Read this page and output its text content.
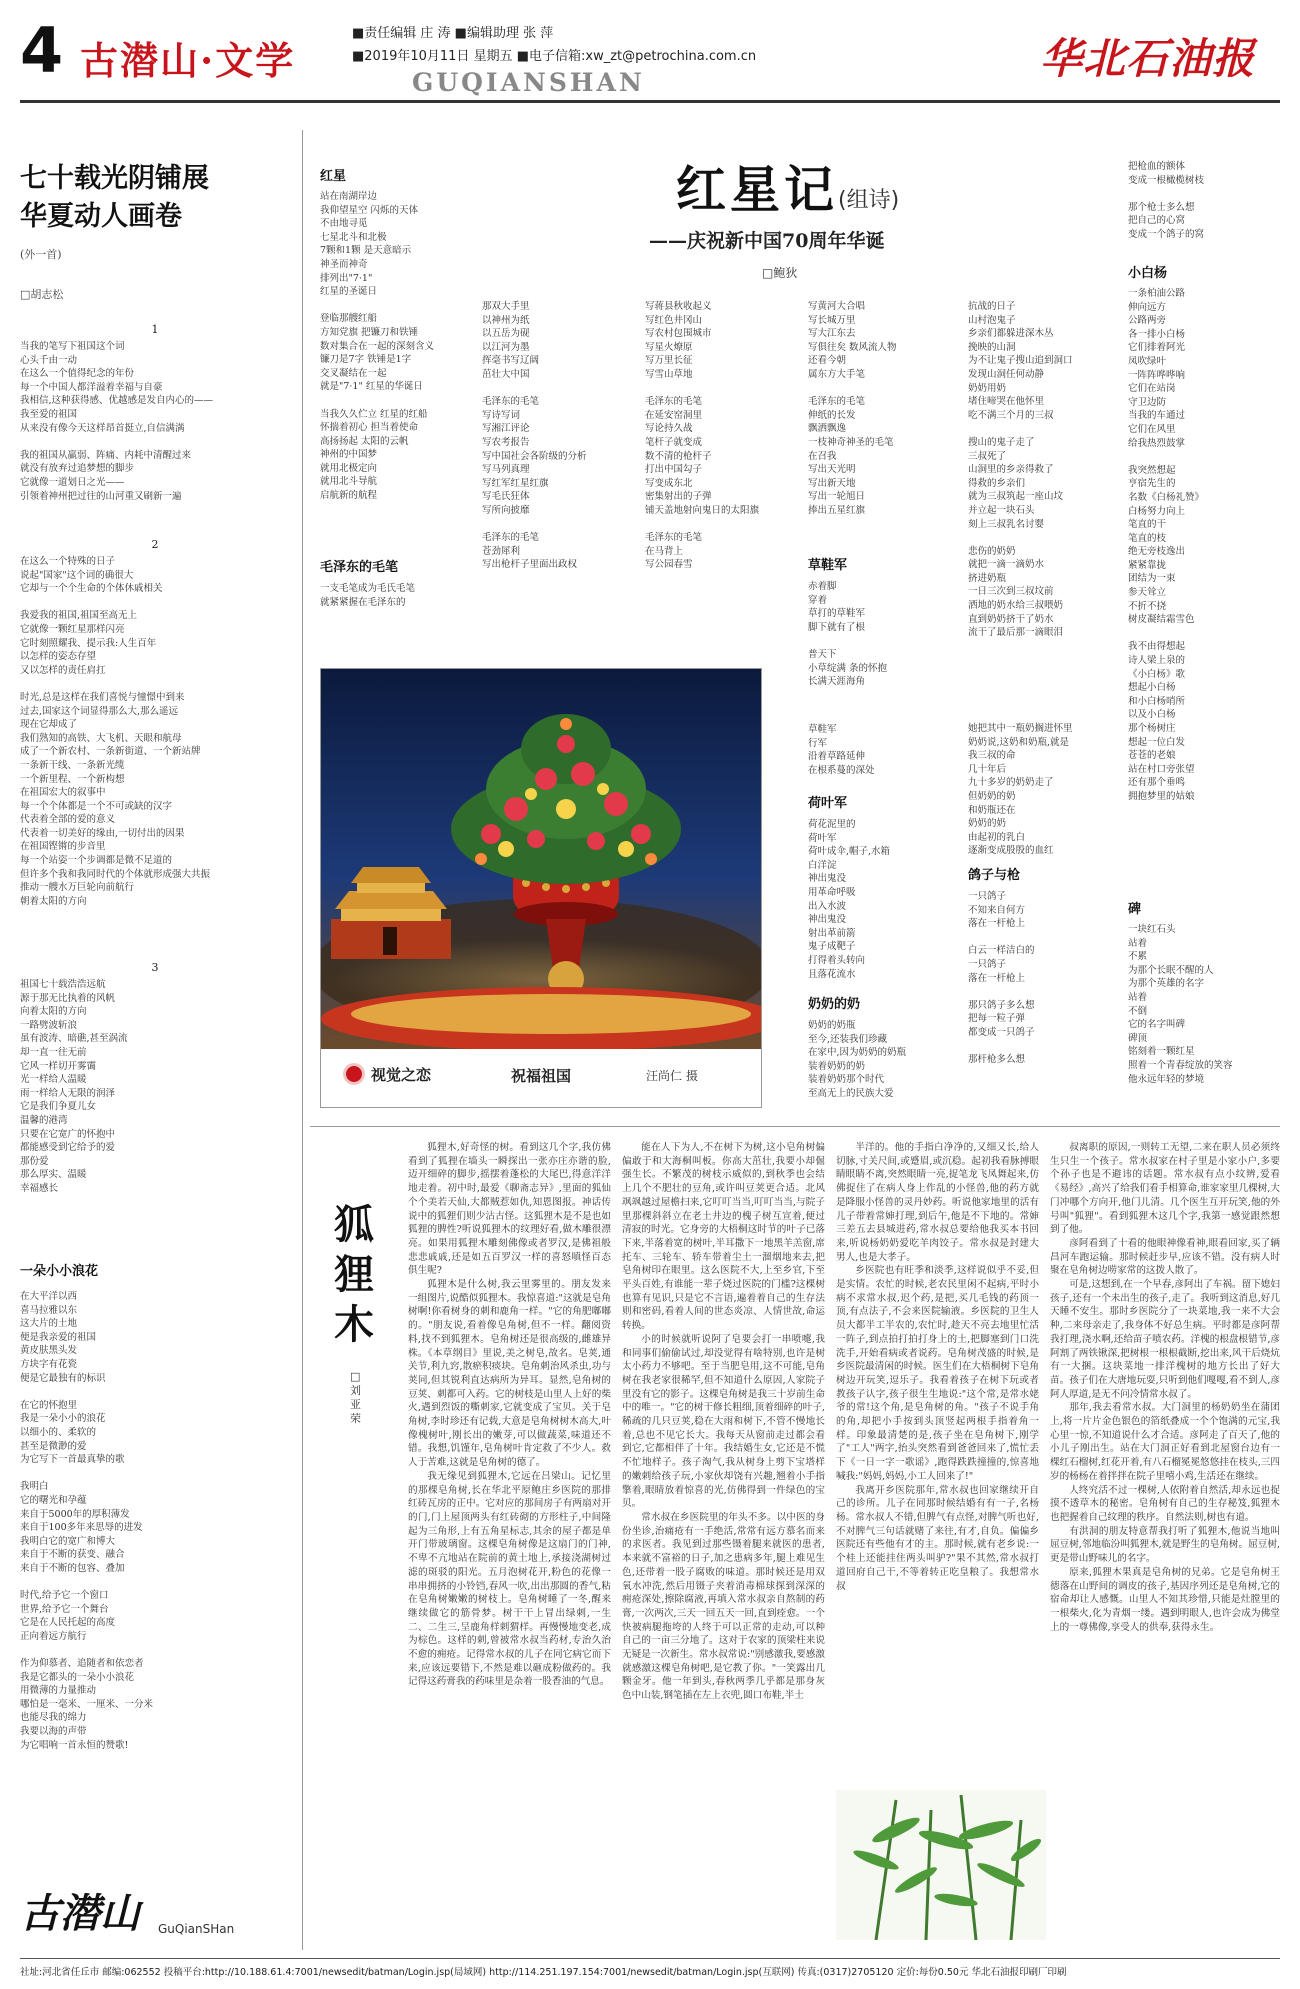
4 古潜山·文学
■责任编辑 庄 涛 ■编辑助理 张 萍
■2019年10月11日 星期五 ■电子信箱:xw_zt@petrochina.com.cn
GUQIANSHAN	华北石油报
七十载光阴铺展
华夏动人画卷
(外一首)
□胡志松
1
当我的笔写下祖国这个词
心头千由一动
在这么一个值得纪念的年份
每一个中国人都洋溢着幸福与自豪
我相信,这种获得感、优越感是发自内心的——
我至爱的祖国
从来没有像今天这样昂首挺立,自信满满

我的祖国从羸弱、阵痛、内耗中清醒过来
就没有放弃过追梦想的脚步
它就像一道划日之光——
引领着神州把过往的山河重又刷新一遍
2
在这么一个特殊的日子
说起"国家"这个词的确很大
它却与一个个生命的个体休戚相关

我爱我的祖国,祖国至高无上
它就像一颗红星那样闪亮
它时刻照耀我、提示我:人生百年
以怎样的姿态存望
又以怎样的责任肩扛

时光,总是这样在我们喜悦与憧憬中到来
过去,国家这个词显得那么大,那么遥远
现在它却成了
我们熟知的高铁、大飞机、天眼和航母
成了一个新农村、一条新街道、一个新站牌
一条新干线、一条新光缆
一个新里程、一个新构想
在祖国宏大的叙事中
每一个个体都是一个不可或缺的汉字
代表着全部的爱的意义
代表着一切美好的缘由,一切付出的因果
在祖国铿锵的步音里
每一个站姿一个步调都是微不足道的
但许多个我和我同时代的个体就形成强大共振
推动一艘水万巨轮向前航行
朝着太阳的方向
3
祖国七十载浩浩远航
源于那无比执着的风帆
向着太阳的方向
一路劈波斩浪
虽有波涛、暗礁,甚至涡流
却一直一往无前
它风一样切开雾霭
光一样给人温暖
雨一样给人无限的润泽
它是我们争夏儿女
温馨的港湾
只要在它宽广的怀抱中
都能感受到它给予的爱
那份爱
那么厚实、温暖
幸福感长
一朵小小浪花
在大平洋以西
喜马拉雅以东
这大片的土地
便是我亲爱的祖国
黄皮肤黑头发
方块字有花瓷
便是它最独有的标识

在它的怀抱里
我是一朵小小的浪花
以细小的、柔软的
甚至是微渺的爱
为它写下一首最真挚的歌

我明白
它的曙光和孕蕴
来自于5000年的厚积薄发
来自于100多年来思辱的进发
我明白它的宽广和博大
来自于不断的获变、融合
来自于不断的包容、叠加

时代,给予它一个窗口
世界,给予它一个舞台
它是在人民托起的高度
正向着远方航行

作为仰慕者、追随者和依恋者
我是它都头的一朵小小浪花
用微薄的力量推动
哪怕是一毫米、一厘米、一分米
也能尽我的绵力
我要以海的声带
为它唱响一首永恒的赞歌!
古潜山	GuQianSHan
红星记(组诗)
——庆祝新中国70周年华诞
□鲍狄
红星
站在南湖岸边
我仰望星空 闪烁的天体
不由地寻觅
七星北斗和北极
7颗和1颗 是天意暗示
神圣而神奇
排列出"7·1"
红星的圣诞日

登临那艘红船
方知党旗 把镰刀和铁锤
数对集合在一起的深刻含义
镰刀是7字 铁锤是1字
交叉凝结在一起
就是"7·1" 红星的华诞日

当我久久伫立 红星的红船
怀揣着初心 担当着使命
高扬扬起 太阳的云帆
神州的中国梦
就用北极定向
就用北斗导航
启航新的航程
毛泽东的毛笔
一支毛笔成为毛氏毛笔
就紧紧握在毛泽东的
那双大手里
以神州为纸
以五岳为砚
以江河为墨
挥毫书写辽阔
茁壮大中国

毛泽东的毛笔
写诗写词
写湘江评论
写农考报告
写中国社会各阶级的分析
写马列真理
写红军红星红旗
写毛氏狂体
写所向披靡

毛泽东的毛笔
苍劲犀利
写出枪杆子里面出政权
写蒋县秋收起义
写红色井冈山
写农村包围城市
写星火燎原
写万里长征
写雪山草地

毛泽东的毛笔
在延安窑洞里
写论持久战
笔杆子就变成
数不清的枪杆子
打出中国勾子
写变成东北
密集射出的子弹
铺天盖地射向鬼日的太阳旗

毛泽东的毛笔
在马背上
写公园春雪
写黄河大合唱
写长城万里
写大江东去
写俱往矣 数风流人物
还看今朝
属东方大手笔

毛泽东的毛笔
伸纸的长发
飘洒飘逸
一枝神奇神圣的毛笔
在召我
写出天光明
写出新天地
写出一轮旭日
捧出五星红旗
草鞋军
赤着脚
穿着
草打的草鞋军
脚下就有了根

普天下
小草绽满 条的怀抱
长满天涯海角
草鞋军
行军
沿着草路延伸
在根系蔓的深处
荷叶军
荷花泥里的
荷叶军
荷叶成伞,帽子,水箱
白洋淀
神出鬼没
用革命呼吸
出入水波
神出鬼没
射出革前箭
鬼子成靶子
打得着头转向
且落花流水
奶奶的奶
奶奶的奶瓶
至今,还装我们珍藏
在家中,因为奶奶的奶瓶
装着奶奶的奶
装着奶奶那个时代
至高无上的民族大爱
抗战的日子
山村泡鬼子
乡亲们都躲进深木丛
挽映的山洞
为不让鬼子搜山追到洞口
发现山洞任何动静
奶奶用奶
堵住啼哭在他怀里
吃不满三个月的三叔

搜山的鬼子走了
三叔死了
山洞里的乡亲得救了
得救的乡亲们
就为三叔筑起一座山坟
并立起一块石头
刻上三叔乳名讨婴

悲伤的奶奶
就把一滴一滴奶水
挤进奶瓶
一日三次到三叔坟前
洒地的奶水给三叔喂奶
直到奶奶挤干了奶水
流干了最后那一滴眼泪
她把其中一瓶奶搁进怀里
奶奶说,这奶和奶瓶,就是
我三叔的命
几十年后
九十多岁的奶奶走了
但奶奶的奶
和奶瓶还在
奶奶的奶
由起初的乳白
逐渐变成殷殷的血红
鸽子与枪
一只鸽子
不知来自何方
落在一杆枪上

白云一样洁白的
一只鸽子
落在一杆枪上

那只鸽子多么想
把每一粒子弹
都变成一只鸽子

那杆枪多么想
把枪血的额体
变成一根橄榄树枝

那个枪士多么想
把自己的心窝
变成一个鸽子的窝
小白杨
一条柏油公路
伸向远方
公路两旁
各一排小白杨
它们排着阿光
凤吹绿叶
一阵阵哗哗响
它们在站岗
守卫边防
当我的车通过
它们在风里
给我热烈鼓掌

我突然想起
亨宿先生的
名数《白杨礼赞》
白杨努力向上
笔直的干
笔直的枝
绝无旁枝逸出
紧紧靠拢
团结为一束
参天耸立
不折不挠
树皮凝结霜雪色

我不由得想起
诗人梁上泉的
《小白杨》歌
想起小白杨
和小白杨哨所
以及小白杨
那个杨树庄
想起一位白发
苍苍的老娘
站在村口旁张望
还有那个垂鸣
拥抱梦里的姑娘
碑
一块红石头
站着
不累
为那个长眠不醒的人
为那个英雄的名字
站着
不倒
它的名字叫碑
碑顶
铭刻着一颗红星
照着一个青春绽放的笑容
他永远年轻的梦境
视觉之恋	祝福祖国	汪尚仁 摄
狐狸木
□刘亚荣

狐狸木,好奇怪的树。看到这几个字,我仿佛看到了狐狸在墙头一瞬探出一张亦庄亦谐的脸,迈开细碎的脚步,摇摆着蓬松的大尾巴,得意洋洋地走着。初中时,最爱《聊斋志异》,里面的狐仙个个美若天仙,大都贼惹如仇,知恩图报。神话传说中的狐狸们则少沾古怪。这狐狸木是不是也如狐狸的脾性?听说狐狸木的纹理好看,做木雕很漂亮。如果用狐狸木雕刻佛像或者罗汉,是佛祖般悲悲戚戚,还是如五百罗汉一样的喜怒嗔怪百态俱生呢?

狐狸木是什么树,我云里雾里的。朋友发来一组图片,说酷似狐狸木。我惊喜道:"这就是皂角树啊!你看树身的刺和鹿角一样。"它的角肥嘟嘟的。"朋友说,看着像皂角树,但不一样。翻阅资料,找不到狐狸木。皂角树还是很高级的,雌雄异株。《本草纲目》里说,美之树皂,故名。皂荚,通关节,利九窍,散瘀积痰块。皂角刺治风杀虫,功与荚同,但其锐利直达病所为异耳。显然,皂角树的豆荚、刺都可入药。它的树枝是山里人上好的柴火,遇到烈饭的嘶刺家,它就变成了宝贝。关于皂角树,李时珍还有记载,大意是皂角树树木高大,叶像槐树叶,刚长出的嫩芽,可以做蔬菜,味道还不错。我想,饥馑年,皂角树叶肯定救了不少人。救人于苦难,这就是皂角树的德了。

我无缘见到狐狸木,它远在吕梁山。记忆里的那棵皂角树,长在华北平原鲍庄乡医院的那排红砖瓦房的正中。它对应的那间房子有两扇对开的门,门上屋顶两头有红砖砌的方形柱子,中间隆起为三角形,上有五角星标志,其余的屋子都是单开门带玻璃窗。这棵皂角树像是这扇门的门神,不卑不亢地站在院前的黄土地上,承接浇湖树过滤的斑驳的阳光。五月泡树花开,粉色的花像一串串拥挤的小铃铛,春风一吹,出出那圆的香气,粘在皂角树嫩嫩的树枝上。皂角树睡了一冬,醒来继续做它的筋骨梦。树干干上冒出绿刺,一生二、二生三,呈鹿角样刺猬样。再慢慢地变老,成为棕色。这样的刺,曾被常水叔当药材,专治久治不愈的痈疮。记得常水叔的儿子在同它病它而下来,应该远要错下,不然是难以砸成粉做药的。我记得这药膏我的药味里是杂着一股香油的气息。

能在人下为人,不在树下为树,这小皂角树偏偏敢于和大海桐叫板。你高大茁壮,我要小却倔强生长。不繁茂的树枝示威似的,到秋季也会结上几个不肥壮的豆角,或许叫豆荚更合适。北风飒飒越过屋檐扫来,它叮叮当当,叮叮当当,与院子里那棵斜斜立在老土井边的槐子树互宣着,便过清寂的时光。它身旁的大梧桐这时节的叶子已落下来,半落着宽的树叶,半耳撒下一地黑羊羔窗,席托车、三轮车、轿车带着尘土一溜烟地来去,把皂角树印在眼里。这么医院不大,上至乡官,下至平头百姓,有谁能一辈子烧过医院的门槛?这棵树也算有见识,只是它不言语,遍着着自己的生存法则和密码,看着人间的世态炎凉、人情世故,命运转换。

小的时候就听说阿了皂要会打一串喷嚏,我和同事们偷偷试过,却没觉得有啥特别,也许是树太小药力不够吧。至于当肥皂用,这不可能,皂角树在我老家很稀罕,但不知道什么原因,人家院子里没有它的影子。这棵皂角树是我三十岁前生命中的唯一。"它的树干修长粗细,顶着细碎的叶子,稀疏的几只豆荚,稳在大雨和树下,不管不慢地长着,总也不见它长大。我每天从窗前走过都会看到它,它都相伴了十年。我结婚生女,它还是不慌不忙地样子。孩子淘气,我从树身上剪下宝塔样的嫩刺给孩子玩,小家伙却饶有兴趣,翘着小手指擎着,眼睛放着惊喜的光,仿佛得到一件绿色的宝贝。

常水叔在乡医院里的年头不多。以中医的身份坐诊,治痛疮有一手绝活,常常有远方慕名而来的求医者。我见到过那些镊着腿来就医的患者,本来就不富裕的日子,加之患病多年,腿上难见生色,还带着一股子腐败的味道。那时候还是用双氧水冲洗,然后用镊子夹着消毒棉球探到深深的痈疮深处,擦除腐液,再填入常水叔亲自熬制的药膏,一次两次,三天一回五天一回,直到痊愈。一个快被病腿拖垮的人终于可以正常的走动,可以种自己的一亩三分地了。这对于农家的顶梁柱来说无疑是一次新生。常水叔常说:"别感激我,要感激就感激这棵皂角树吧,是它教了你。"一笑露出几颗金牙。他一年到头,春秋两季几乎都是那身灰色中山装,钢笔插在左上衣兜,圆口布鞋,半土

半洋的。他的手指白净净的,又细又长,给人切脉,寸关尺间,或蹙眉,或沉稳。起初我看脉搏眼睛眼睛不离,突然眼睛一亮,捉笔龙飞凤舞起来,仿佛捉住了在病人身上作乱的小怪兽,他的药方就是降服小怪兽的灵丹妙药。听说他家地里的活有儿子带着常婶打理,到后午,他是不下地的。常婶三差五去县城进药,常水叔总要给他我买本书回来,听说杨奶奶爱吃羊肉饺子。常水叔是封建大男人,也是大孝子。

乡医院也有旺季和淡季,这样说似乎不妥,但是实情。农忙的时候,老农民里闲不起病,平时小病不求常水叔,迟个药,是把,买几毛钱的药顶一顶,有点法子,不会来医院输液。乡医院的卫生人员大都半工半农的,农忙时,趁天不亮去地里忙活一阵子,到点拍打拍打身上的土,把脚塞到门口洗洗手,开始看病或者说药。皂角树茂盛的时候,是乡医院最清闲的时候。医生们在大梧桐树下皂角树边开玩笑,逗乐子。我看着孩子在树下玩或者教孩子认字,孩子很生生地说:"这个常,是常水姥爷的常!这个角,是皂角树的角。"孩子不说手角的角,却把小手按到头顶竖起两根手指着角一样。印象最清楚的是,孩子坐在皂角树下,刚学了"工人"两字,抬头突然看到爸爸回来了,慌忙丢下《一日一字一歌谣》,跑得跌跌撞撞的,惊喜地喊我:"妈妈,妈妈,小工人回来了!"

我离开乡医院那年,常水叔也回家继续开自己的诊所。儿子在同那时候结婚有有一子,名杨杨。常水叔人不错,但脾气有点怪,对脾气听也好,不对脾气三句话就赌了来往,有才,自负。偏偏乡医院还有些他有才的主。那时候,就有老乡说:一个桂上还能挂住两头叫驴?"果不其然,常水叔打道回府自己干,不等着转正吃皇粮了。我想常水叔

叔离职的原因,一则转工无望,二来在职人员必须终生只生一个孩子。常水叔家在村子里是小家小户,多要个孙子也是不避讳的话题。常水叔有点小纹辨,爱看《易经》,高兴了给我们看手相算命,谁家家里几棵树,大门冲哪个方向开,他门儿清。几个医生互开玩笑,他的外号叫"狐狸"。看到狐狸木这几个字,我第一感觉跟然想到了他。

彦阿看到了十看的他眼神像看神,眼看回家,买了辆昌河车跑运输。那时候赶步早,应该不错。没有病人时聚在皂角树边唠家常的这拨人散了。

可是,这想到,在一个早春,彦阿出了车祸。留下媳妇孩子,还有一个未出生的孩子,走了。我听到这消息,好几天睡不安生。那时乡医院分了一块菜地,我一来不大会种,二来母亲走了,我身体不好总生病。平时都是彦阿帮我打理,浇水啊,还给苗子喷农药。洋槐的根盘根错节,彦阿割了两铁锹深,把树根一根根截断,挖出来,风干后烧炕有一大捆。这块菜地一排洋槐树的地方长出了好大苗。孩子们在大唐地玩耍,只听到他们嘎嘎,看不到人,彦阿人厚道,是无不问冷情常水叔了。

那年,我去看常水叔。大门洞里的杨奶奶坐在蒲团上,将一片片金色银色的箔纸叠成一个个饱满的元宝,我心里一惊,不知道说什么才合适。彦阿走了百天了,他的小儿子刚出生。站在大门洞正好看到北屋窗台边有一棵红石榴树,红花开着,有八石榴冕冕悠悠挂在枝头,三四岁的杨杨在着拌拌在院子里嘻小鸡,生活还在继续。

人终究活不过一棵树,人依附着自然活,却永远也捉摸不透草木的秘密。皂角树有自己的生存秘笈,狐狸木也把握着自己纹理的秩序。自然法则,树也有道。

有洪洞的朋友特意帮我打听了狐狸木,他说当地叫屈豆树,邻地临汾叫狐狸木,就是野生的皂角树。屈豆树,更是带山野味儿的名字。

原来,狐狸木果真是皂角树的兄弟。它是皂角树王德落在山野间的调皮的孩子,基因序列还是皂角树,它的宿命却让人感慨。山里人不知其珍惜,只能是灶膛里的一根柴火,化为青烟一缕。遇到明眼人,也许会成为佛堂上的一尊佛像,享受人的供奉,获得永生。

社址:河北省任丘市 邮编:062552 投稿平台:http://10.188.61.4:7001/newsedit/batman/Login.jsp(局域网) http://114.251.197.154:7001/newsedit/batman/Login.jsp(互联网) 传真:(0317)2705120 定价:每份0.50元 华北石油报印刷厂印刷
